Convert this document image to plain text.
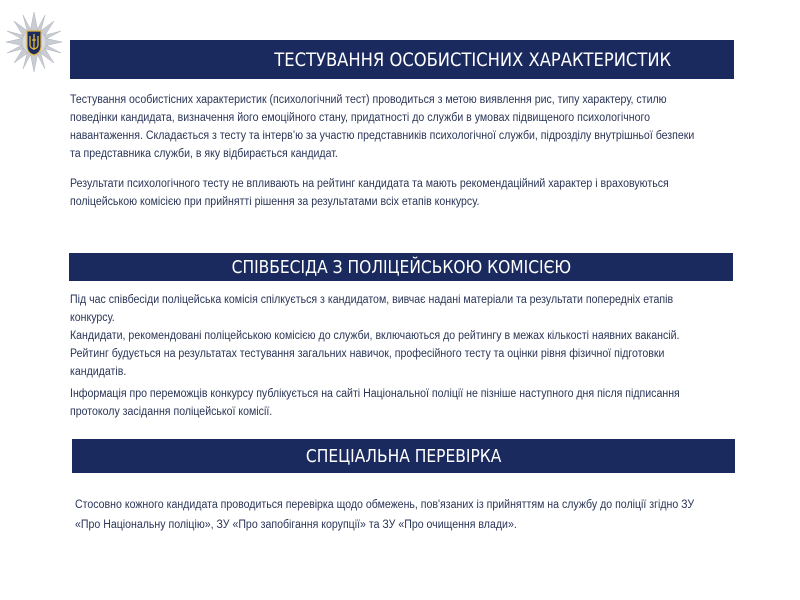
ТЕСТУВАННЯ ОСОБИСТІСНИХ ХАРАКТЕРИСТИК
Тестування особистісних характеристик (психологічний тест) проводиться з метою виявлення рис, типу характеру, стилю
поведінки кандидата, визначення його емоційного стану, придатності до служби в умовах підвищеного психологічного
навантаження. Складається з тесту та інтерв’ю за участю представників психологічної служби, підрозділу внутрішньої безпеки
та представника служби, в яку відбирається кандидат.
Результати психологічного тесту не впливають на рейтинг кандидата та мають рекомендаційний характер і враховуються
поліцейською комісією при прийнятті рішення за результатами всіх етапів конкурсу.
СПІВБЕСІДА З ПОЛІЦЕЙСЬКОЮ КОМІСІЄЮ
Під час співбесіди поліцейська комісія спілкується з кандидатом, вивчає надані матеріали та результати попередніх етапів
конкурсу.
Кандидати, рекомендовані поліцейською комісією до служби, включаються до рейтингу в межах кількості наявних вакансій.
Рейтинг будується на результатах тестування загальних навичок, професійного тесту та оцінки рівня фізичної підготовки
кандидатів.
Інформація про переможців конкурсу публікується на сайті Національної поліції не пізніше наступного дня після підписання
протоколу засідання поліцейської комісії.
СПЕЦІАЛЬНА ПЕРЕВІРКА
Стосовно кожного кандидата проводиться перевірка щодо обмежень, пов'язаних із прийняттям на службу до поліції згідно ЗУ
«Про Національну поліцію», ЗУ «Про запобігання корупції» та ЗУ «Про очищення влади».
